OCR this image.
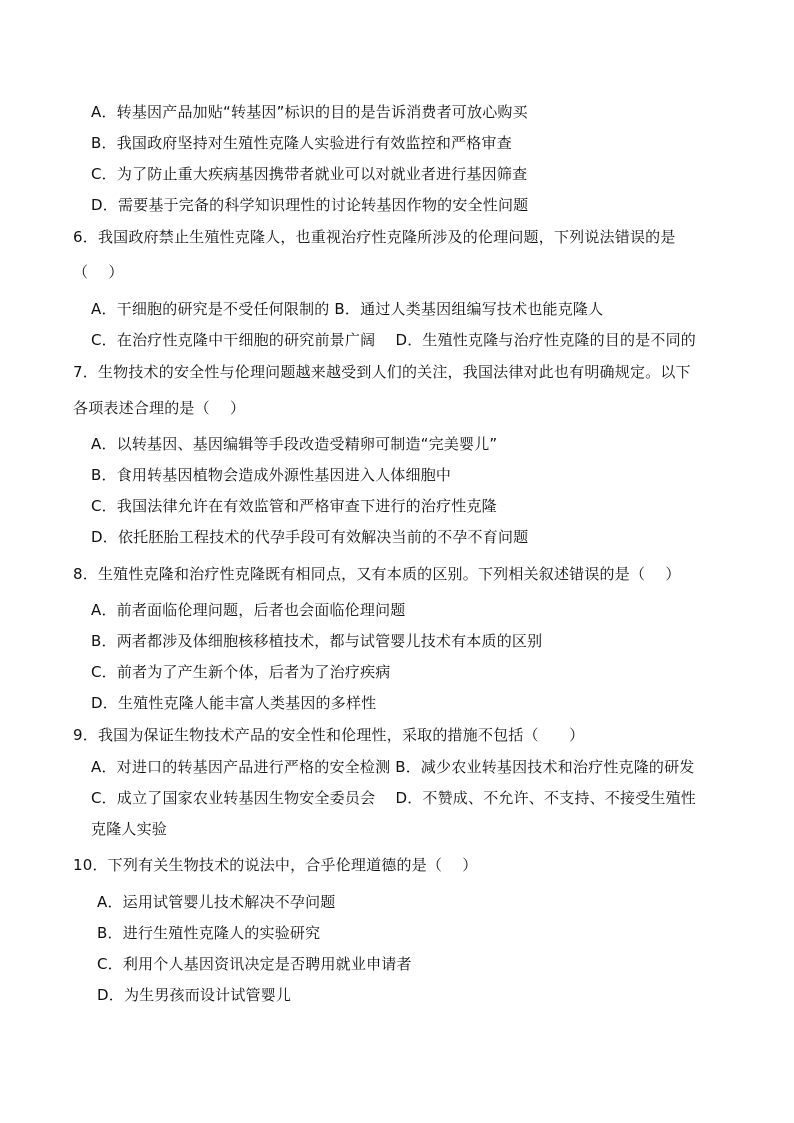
A．转基因产品加贴“转基因”标识的目的是告诉消费者可放心购买
B．我国政府坚持对生殖性克隆人实验进行有效监控和严格审查
C．为了防止重大疾病基因携带者就业可以对就业者进行基因筛查
D．需要基于完备的科学知识理性的讨论转基因作物的安全性问题
6．我国政府禁止生殖性克隆人，也重视治疗性克隆所涉及的伦理问题，下列说法错误的是
（　 ）
A．干细胞的研究是不受任何限制的 B．通过人类基因组编写技术也能克隆人
C．在治疗性克隆中干细胞的研究前景广阔　 D．生殖性克隆与治疗性克隆的目的是不同的
7．生物技术的安全性与伦理问题越来越受到人们的关注，我国法律对此也有明确规定。以下
各项表述合理的是（　 ）
A．以转基因、基因编辑等手段改造受精卵可制造“完美婴儿”
B．食用转基因植物会造成外源性基因进入人体细胞中
C．我国法律允许在有效监管和严格审查下进行的治疗性克隆
D．依托胚胎工程技术的代孕手段可有效解决当前的不孕不育问题
8．生殖性克隆和治疗性克隆既有相同点，又有本质的区别。下列相关叙述错误的是（　 ）
A．前者面临伦理问题，后者也会面临伦理问题
B．两者都涉及体细胞核移植技术，都与试管婴儿技术有本质的区别
C．前者为了产生新个体，后者为了治疗疾病
D．生殖性克隆人能丰富人类基因的多样性
9．我国为保证生物技术产品的安全性和伦理性，采取的措施不包括（　　）
A．对进口的转基因产品进行严格的安全检测 B．减少农业转基因技术和治疗性克隆的研发
C．成立了国家农业转基因生物安全委员会　 D．不赞成、不允许、不支持、不接受生殖性
克隆人实验
10．下列有关生物技术的说法中，合乎伦理道德的是（　 ）
A．运用试管婴儿技术解决不孕问题
B．进行生殖性克隆人的实验研究
C．利用个人基因资讯决定是否聘用就业申请者
D．为生男孩而设计试管婴儿
